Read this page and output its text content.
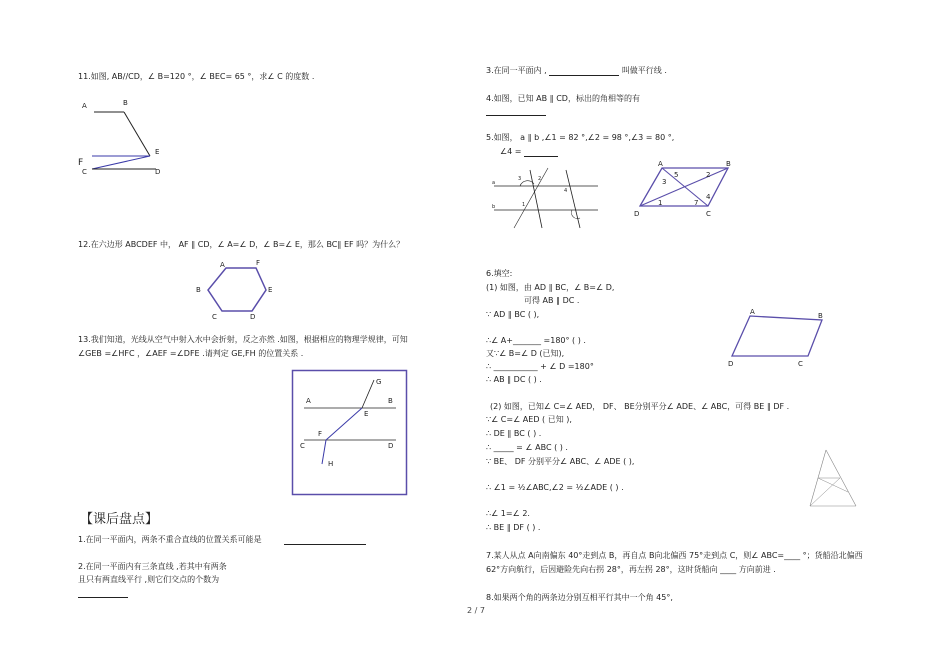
11.如图, AB//CD，∠ B=120 °，∠ BEC= 65 °，求∠ C 的度数 .
A	B
F
C
E
D
12.在六边形 ABCDEF 中， AF ∥ CD，∠ A=∠ D，∠ B=∠ E，那么 BC∥ EF 吗？为什么？
A	F
B	E
C	D
13.我们知道，光线从空气中射入水中会折射，反之亦然 .如图，根据相应的物理学规律，可知
∠GEB =∠HFC ，∠AEF =∠DFE .请判定 GE,FH 的位置关系 .
G
A	B
E
F
C	D
H
【课后盘点】
1.在同一平面内，两条不重合直线的位置关系可能是
2.在同一平面内有三条直线 ,若其中有两条
且只有两直线平行 ,则它们交点的个数为
3.在同一平面内 ,	叫做平行线 .
4.如图，已知 AB ∥ CD，标出的角相等的有
5.如图， a ∥ b ,∠1 = 82 °,∠2 = 98 °,∠3 = 80 °,
∠4 =
a
b	1
2
3
4
A	B
D	C
1
2
3
4
5
7
6.填空:
(1) 如图，由 AD ∥ BC，∠ B=∠ D,
可得 AB ∥ DC .
∵ AD ∥ BC ( ),
∴∠ A+_______ =180° ( ) .
又∵∠ B=∠ D (已知),
∴ ___________ + ∠ D =180°
∴ AB ∥ DC ( ) .
A	B
D	C
(2) 如图，已知∠ C=∠ AED， DF、 BE分别平分∠ ADE、∠ ABC，可得 BE ∥ DF .
∵∠ C=∠ AED ( 已知 ),
∴ DE ∥ BC ( ) .
∴ _____ = ∠ ABC ( ) .
∵ BE、 DF 分别平分∠ ABC、∠ ADE ( ),
∴ ∠1 = ½∠ABC,∠2 = ½∠ADE ( ) .
∴∠ 1=∠ 2.
∴ BE ∥ DF ( ) .
7.某人从点 A向南偏东 40°走到点 B，再自点 B向北偏西 75°走到点 C，则∠ ABC=____ °；货船沿北偏西
62°方向航行，后因避险先向右拐 28°，再左拐 28°，这时货船向 ____ 方向前进 .
8.如果两个角的两条边分别互相平行其中一个角 45°,
2 / 7
